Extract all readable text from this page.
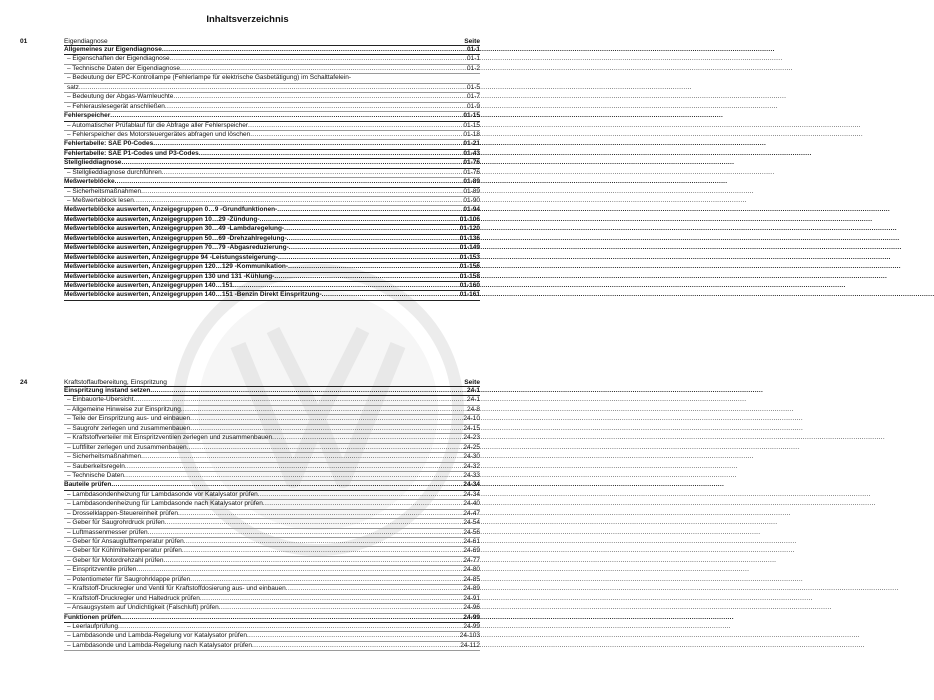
Inhaltsverzeichnis
01	Eigendiagnose	Seite
Allgemeines zur Eigendiagnose .....	01-1
– Eigenschaften der Eigendiagnose .....	01-1
– Technische Daten der Eigendiagnose .....	01-2
– Bedeutung der EPC-Kontrollampe (Fehlerlampe für elektrische Gasbetätigung) im Schalttafelein-
satz .....	01-5
– Bedeutung der Abgas-Warnleuchte .....	01-7
– Fehlerauslesegerät anschließen .....	01-9
Fehlerspeicher .....	01-15
– Automatischer Prüfablauf für die Abfrage aller Fehlerspeicher .....	01-15
– Fehlerspeicher des Motorsteuergerätes abfragen und löschen .....	01-18
Fehlertabelle: SAE P0-Codes .....	01-21
Fehlertabelle: SAE P1-Codes und P3-Codes .....	01-43
Stellglieddiagnose .....	01-76
– Stellglieddiagnose durchführen .....	01-76
Meßwerteblöcke .....	01-89
– Sicherheitsmaßnahmen .....	01-89
– Meßwerteblock lesen .....	01-90
Meßwerteblöcke auswerten, Anzeigegruppen 0…9 -Grundfunktionen- .....	01-94
Meßwerteblöcke auswerten, Anzeigegruppen 10…29 -Zündung- .....	01-106
Meßwerteblöcke auswerten, Anzeigegruppen 30…49 -Lambdaregelung- .....	01-120
Meßwerteblöcke auswerten, Anzeigegruppen 50…69 -Drehzahlregelung- .....	01-136
Meßwerteblöcke auswerten, Anzeigegruppen 70…79 -Abgasreduzierung- .....	01-149
Meßwerteblöcke auswerten, Anzeigegruppe 94 -Leistungssteigerung- .....	01-153
Meßwerteblöcke auswerten, Anzeigegruppen 120…129 -Kommunikation- .....	01-156
Meßwerteblöcke auswerten, Anzeigegruppen 130 und 131 -Kühlung- .....	01-158
Meßwerteblöcke auswerten, Anzeigegruppen 140…151 .....	01-160
Meßwerteblöcke auswerten, Anzeigegruppen 140…151 -Benzin Direkt Einspritzung- .....	01-161
24	Kraftstoffaufbereitung, Einspritzung	Seite
Einspritzung instand setzen .....	24-1
– Einbauorte-Übersicht .....	24-1
– Allgemeine Hinweise zur Einspritzung .....	24-8
– Teile der Einspritzung aus- und einbauen .....	24-10
– Saugrohr zerlegen und zusammenbauen .....	24-15
– Kraftstoffverteiler mit Einspritzventilen zerlegen und zusammenbauen .....	24-23
– Luftfilter zerlegen und zusammenbauen .....	24-25
– Sicherheitsmaßnahmen .....	24-30
– Sauberkeitsregeln .....	24-32
– Technische Daten .....	24-33
Bauteile prüfen .....	24-34
– Lambdasondenheizung für Lambdasonde vor Katalysator prüfen .....	24-34
– Lambdasondenheizung für Lambdasonde nach Katalysator prüfen .....	24-40
– Drosselklappen-Steuereinheit prüfen .....	24-47
– Geber für Saugrohrdruck prüfen .....	24-54
– Luftmassenmesser prüfen .....	24-56
– Geber für Ansauglufttemperatur prüfen .....	24-61
– Geber für Kühlmitteltemperatur prüfen .....	24-69
– Geber für Motordrehzahl prüfen .....	24-77
– Einspritzventile prüfen .....	24-80
– Potentiometer für Saugrohrklappe prüfen .....	24-85
– Kraftstoff-Druckregler und Ventil für Kraftstoffdosierung aus- und einbauen .....	24-89
– Kraftstoff-Druckregler und Haltedruck prüfen .....	24-91
– Ansaugsystem auf Undichtigkeit (Falschluft) prüfen .....	24-96
Funktionen prüfen .....	24-99
– Leerlaufprüfung .....	24-99
– Lambdasonde und Lambda-Regelung vor Katalysator prüfen .....	24-103
– Lambdasonde und Lambda-Regelung nach Katalysator prüfen .....	24-112
